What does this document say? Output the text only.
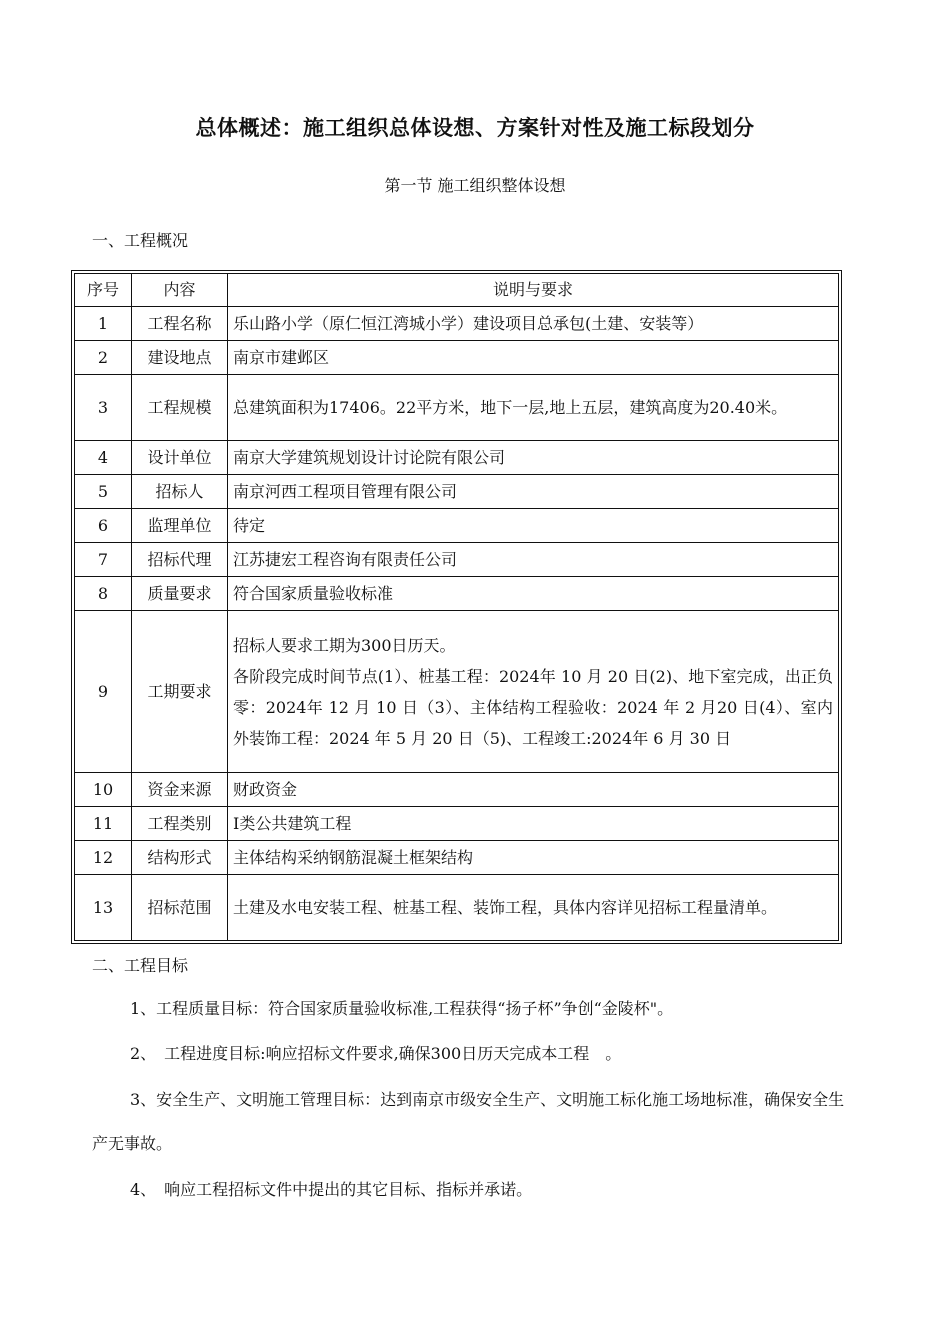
总体概述：施工组织总体设想、方案针对性及施工标段划分
第一节 施工组织整体设想
一、工程概况
序号	内容	说明与要求
1	工程名称	乐山路小学（原仁恒江湾城小学）建设项目总承包(土建、安装等）
2	建设地点	南京市建邺区
3	工程规模	总建筑面积为17406。22平方米，地下一层,地上五层，建筑高度为20.40米。
4	设计单位	南京大学建筑规划设计讨论院有限公司
5	招标人	南京河西工程项目管理有限公司
6	监理单位	待定
7	招标代理	江苏捷宏工程咨询有限责任公司
8	质量要求	符合国家质量验收标准
9	工期要求	招标人要求工期为300日历天。
各阶段完成时间节点(1）、桩基工程：2024年 10 月 20 日(2)、地下室完成，出正负零：2024年 12 月 10 日（3）、主体结构工程验收：2024 年 2 月20 日(4）、室内外装饰工程：2024 年 5 月 20 日（5)、工程竣工:2024年 6 月 30 日

10	资金来源	财政资金
11	工程类别	Ⅰ类公共建筑工程
12	结构形式	主体结构采纳钢筋混凝土框架结构
13	招标范围	土建及水电安装工程、桩基工程、装饰工程，具体内容详见招标工程量清单。
二、工程目标
1、工程质量目标：符合国家质量验收标准,工程获得“扬子杯”争创“金陵杯"。
2、　工程进度目标:响应招标文件要求,确保300日历天完成本工程　。
3、安全生产、文明施工管理目标：达到南京市级安全生产、文明施工标化施工场地标准，确保安全生产无事故。
4、　响应工程招标文件中提出的其它目标、指标并承诺。
